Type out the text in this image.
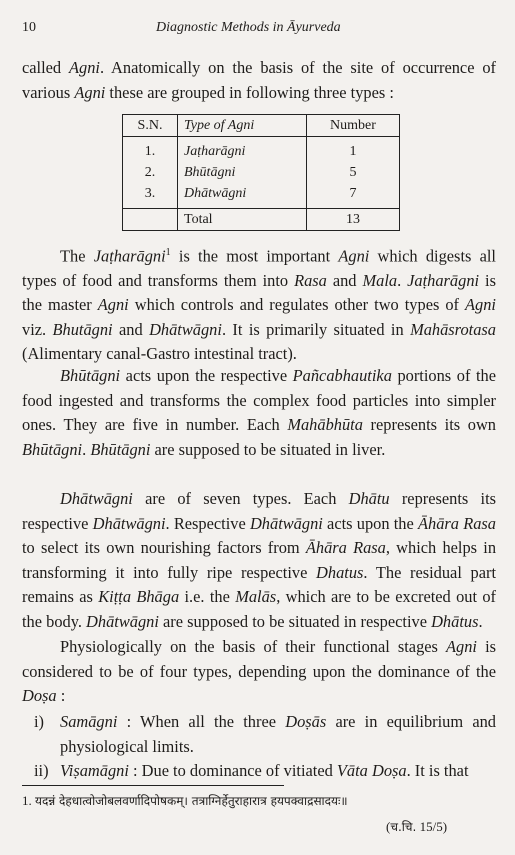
10	Diagnostic Methods in Āyurveda

called Agni. Anatomically on the basis of the site of occurrence of various Agni these are grouped in following three types :

S.N.	Type of Agni	Number
1.	Jaṭharāgni	1
2.	Bhūtāgni	5
3.	Dhātwāgni	7
	Total	13

The Jaṭharāgni$^1$ is the most important Agni which digests all types of food and transforms them into Rasa and Mala. Jaṭharāgni is the master Agni which controls and regulates other two types of Agni viz. Bhutāgni and Dhātwāgni. It is primarily situated in Mahāsrotasa (Alimentary canal-Gastro intestinal tract).

Bhūtāgni acts upon the respective Pañcabhautika portions of the food ingested and transforms the complex food particles into simpler ones. They are five in number. Each Mahābhūta represents its own Bhūtāgni. Bhūtāgni are supposed to be situated in liver.

Dhātwāgni are of seven types. Each Dhātu represents its respective Dhātwāgni. Respective Dhātwāgni acts upon the Āhāra Rasa to select its own nourishing factors from Āhāra Rasa, which helps in transforming it into fully ripe respective Dhatus. The residual part remains as Kiṭṭa Bhāga i.e. the Malās, which are to be excreted out of the body. Dhātwāgni are supposed to be situated in respective Dhātus.

Physiologically on the basis of their functional stages Agni is considered to be of four types, depending upon the dominance of the Doṣa :

i) Samāgni : When all the three Doṣās are in equilibrium and physiological limits.
ii) Viṣamāgni : Due to dominance of vitiated Vāta Doṣa. It is that
1. यदन्नं देहधात्वोजोबलवर्णादिपोषकम्। तत्राग्निर्हेतुराहारात्र हयपक्वाद्रसादयः॥
(च.चि. 15/5)
